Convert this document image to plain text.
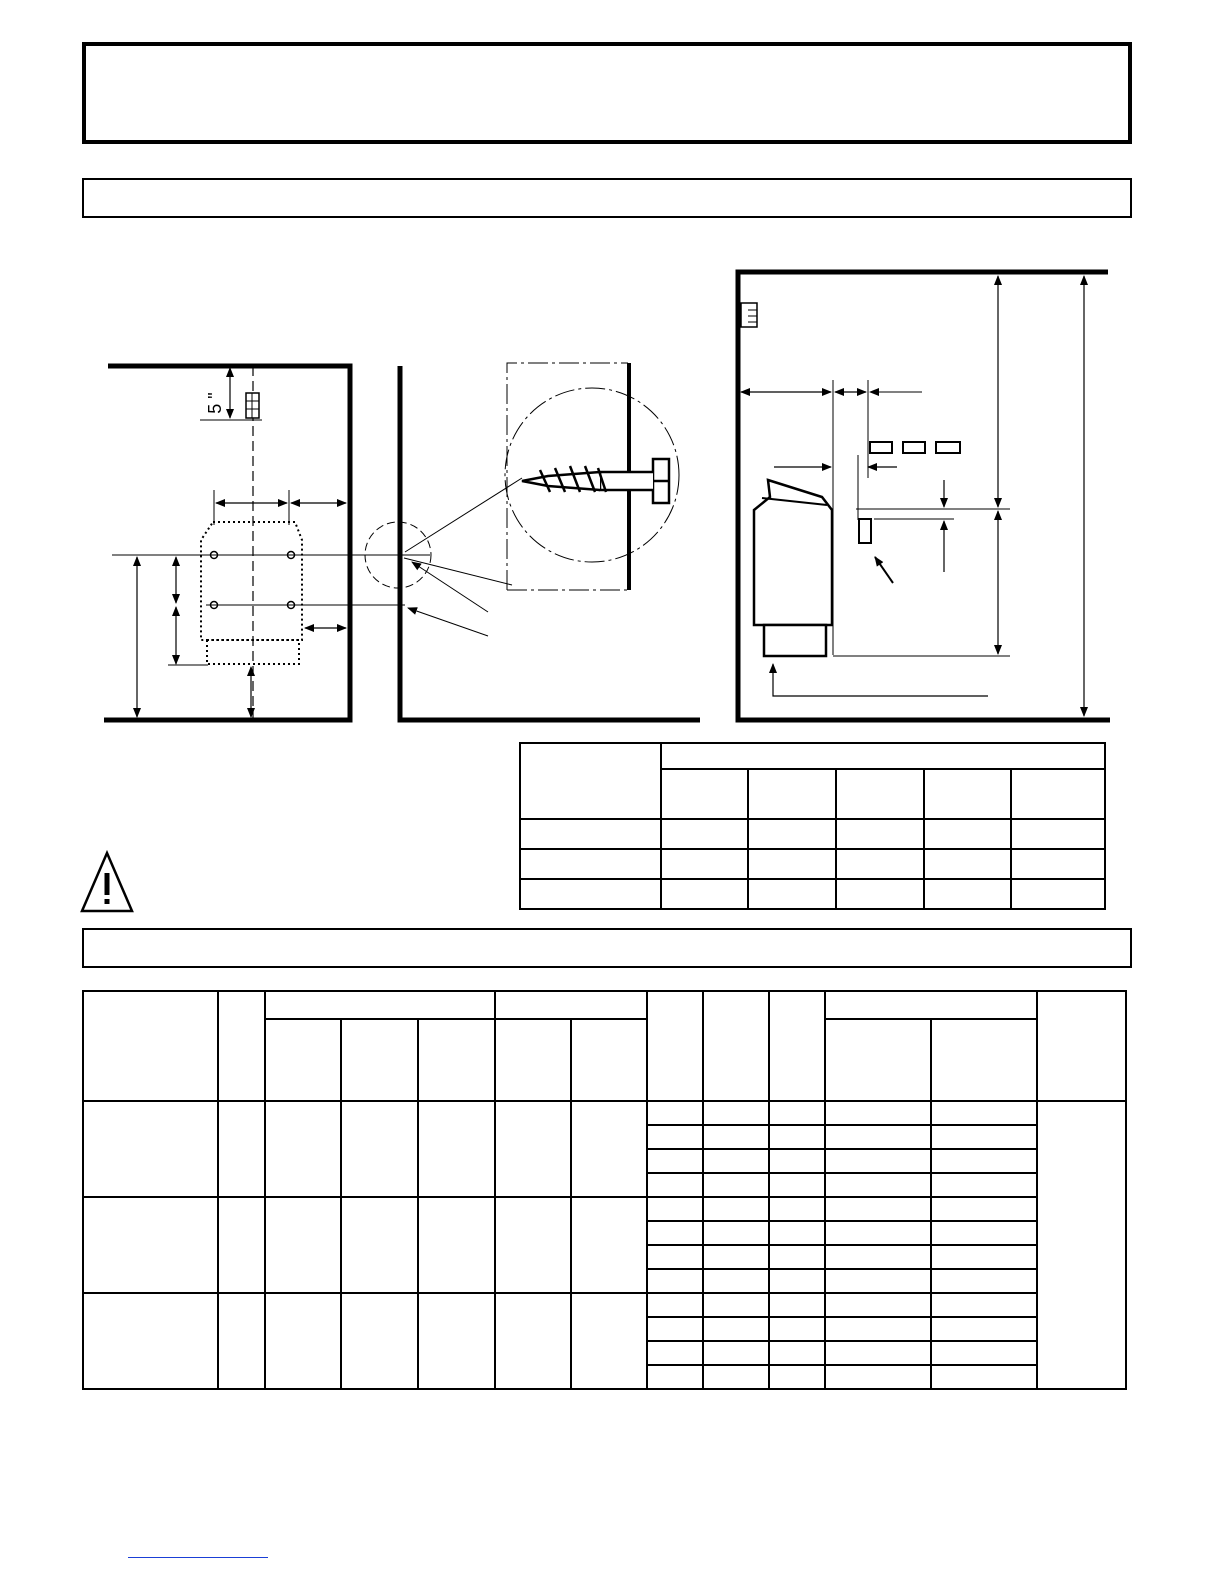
5 "
